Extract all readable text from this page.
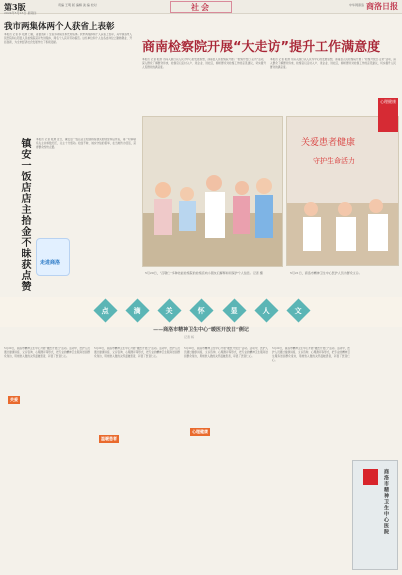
第3版
2024年5月23日 星期四
责编 王明 版 编辑 美 编 校对	社会	中华网商洛 商洛日报
我市两集体两个人获省上表彰
本报讯 记者 李 报道 日前，省委表彰了全省劳动模范和先进集体。我市两集体两个人获省上表彰，其中商洛市人民医院和山阳县人民检察院获评先进集体，两名个人获评劳动模范。这些单位和个人在各自岗位上勤勉敬业、开拓创新，为全市经济社会发展作出了积极贡献。	商南检察院开展“大走访”提升工作满意度
本报讯 记者 报道 为深入践行以人民为中心的发展思想，商南县人民检察院开展了“检察开放日·走访”活动，深入群众了解群众诉求，检察官们走村入户、进企业、进社区，倾听群众对检察工作的意见建议，切实提升人民群众的满意度。
本报讯 记者 报道 为深入践行以人民为中心的发展思想，商南县人民检察院开展了“检察开放日·走访”活动，深入群众了解群众诉求，检察官们走村入户、进企业、进社区，倾听群众对检察工作的意见建议，切实提升人民群众的满意度。
镇安一饭店店主拾金不昧获点赞	本报讯 记者 报道 近日，镇安县一饭店店主拾到顾客遗失的现金和证件后，第一时间联系失主并如数归还，失主十分感动。拾金不昧、诚实守信的善举，在当地传为佳话，获得群众纷纷点赞。
走进商洛
5月20日，“吕敬仁”多种技能检察院的检察官向小朋友们解释如何保护个人信息。记者 摄
关爱患者健康
守护生命活力
5月21日，商洛市精神卫生中心医护人员为群众义诊。
心理健康
点	滴	关	怀	显	人	文
——商洛市精神卫生中心“暖医开放日”侧记
记者 杨
5月20日，商洛市精神卫生中心开展“暖医开放日”活动。活动中，医护人员通过健康讲座、义诊咨询、心理测评等形式，把专业的精神卫生服务送到群众身边，用细致入微的关怀温暖患者，彰显了医者仁心。
5月20日，商洛市精神卫生中心开展“暖医开放日”活动。活动中，医护人员通过健康讲座、义诊咨询、心理测评等形式，把专业的精神卫生服务送到群众身边，用细致入微的关怀温暖患者，彰显了医者仁心。
5月20日，商洛市精神卫生中心开展“暖医开放日”活动。活动中，医护人员通过健康讲座、义诊咨询、心理测评等形式，把专业的精神卫生服务送到群众身边，用细致入微的关怀温暖患者，彰显了医者仁心。
5月20日，商洛市精神卫生中心开展“暖医开放日”活动。活动中，医护人员通过健康讲座、义诊咨询、心理测评等形式，把专业的精神卫生服务送到群众身边，用细致入微的关怀温暖患者，彰显了医者仁心。
关爱
温暖患者
心理健康
商洛市精神卫生中心医院
